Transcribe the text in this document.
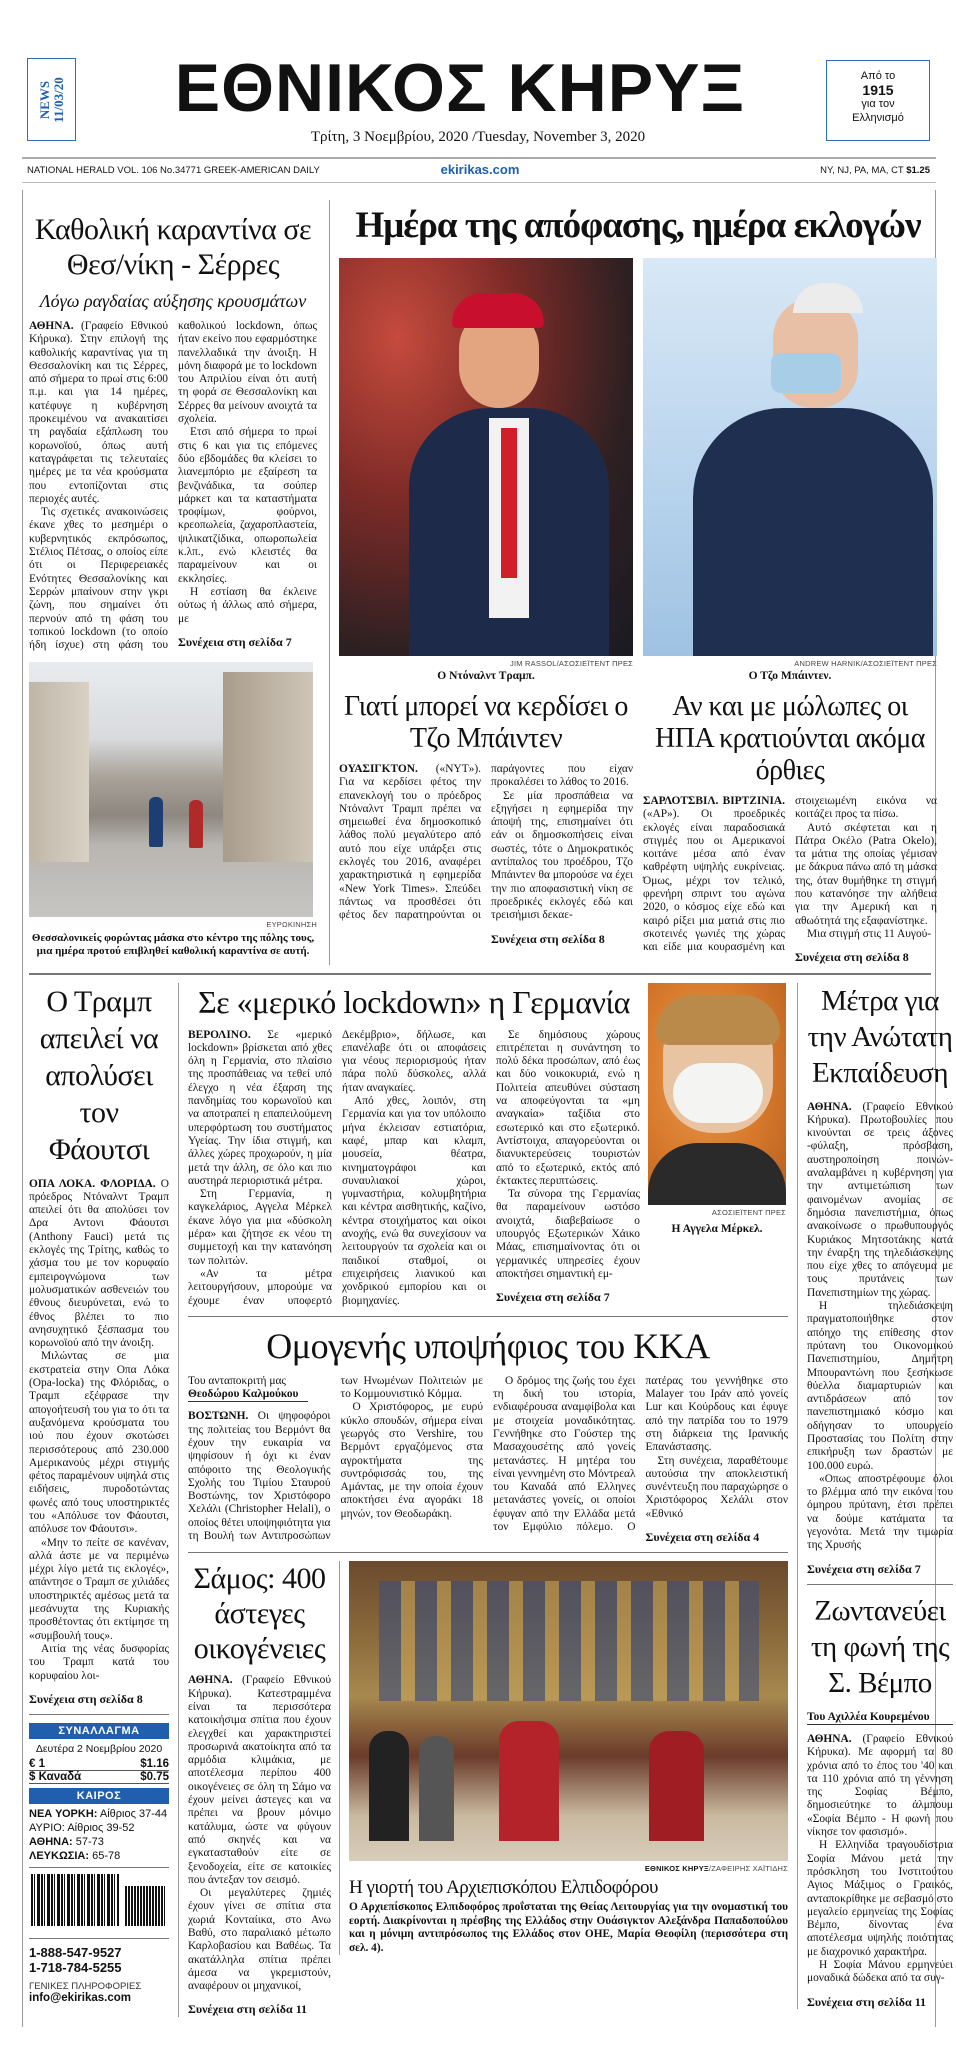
NEWS 11/03/20	ΕΘΝΙΚΟΣ ΚΗΡΥΞ
Τρίτη, 3 Νοεμβρίου, 2020 /Tuesday, November 3, 2020
Από το
1915
για τον
Ελληνισμό
NATIONAL HERALD VOL. 106 No.34771 GREEK-AMERICAN DAILY	ekirikas.com	NY, NJ, PA, MA, CT $1.25
Καθολική καραντίνα σε Θεσ/νίκη - Σέρρες
Λόγω ραγδαίας αύξησης κρουσμάτων

ΑΘΗΝΑ. (Γραφείο Εθνικού Κήρυκα). Στην επιλογή της καθολικής καραντίνας για τη Θεσσαλονίκη και τις Σέρρες, από σήμερα το πρωί στις 6:00 π.μ. και για 14 ημέρες, κατέφυγε η κυβέρνηση προκειμένου να ανακαιτίσει τη ραγδαία εξάπλωση του κορωνοϊού, όπως αυτή καταγράφεται τις τελευταίες ημέρες με τα νέα κρούσματα που εντοπίζονται στις περιοχές αυτές.

Τις σχετικές ανακοινώσεις έκανε χθες το μεσημέρι ο κυβερνητικός εκπρόσωπος, Στέλιος Πέτσας, ο οποίος είπε ότι οι Περιφερειακές Ενότητες Θεσσαλονίκης και Σερρών μπαίνουν στην γκρι ζώνη, που σημαίνει ότι περνούν από τη φάση του τοπικού lockdown (το οποίο ήδη ίσχυε) στη φάση του καθολικού lockdown, όπως ήταν εκείνο που εφαρμόστηκε πανελλαδικά την άνοιξη. Η μόνη διαφορά με το lockdown του Απριλίου είναι ότι αυτή τη φορά σε Θεσσαλονίκη και Σέρρες θα μείνουν ανοιχτά τα σχολεία.

Ετσι από σήμερα το πρωί στις 6 και για τις επόμενες δύο εβδομάδες θα κλείσει το λιανεμπόριο με εξαίρεση τα βενζινάδικα, τα σούπερ μάρκετ και τα καταστήματα τροφίμων, φούρνοι, κρεοπωλεία, ζαχαροπλαστεία, ψιλικατζίδικα, οπωροπωλεία κ.λπ., ενώ κλειστές θα παραμείνουν και οι εκκλησίες.

Η εστίαση θα έκλεινε ούτως ή άλλως από σήμερα, με

Συνέχεια στη σελίδα 7

ΕΥΡΩΚΙΝΗΣΗ
Θεσσαλονικείς φορώντας μάσκα στο κέντρο της πόλης τους, μια ημέρα προτού επιβληθεί καθολική καραντίνα σε αυτή.
Ημέρα της απόφασης, ημέρα εκλογών
JIM RASSOL/ΑΣΟΣΙΕΪΤΕΝΤ ΠΡΕΣ
Ο Ντόναλντ Τραμπ.
Γιατί μπορεί να κερδίσει ο Τζο Μπάιντεν

ΟΥΑΣΙΓΚΤΟΝ. («NYT»). Για να κερδίσει φέτος την επανεκλογή του ο πρόεδρος Ντόναλντ Τραμπ πρέπει να σημειωθεί ένα δημοσκοπικό λάθος πολύ μεγαλύτερο από αυτό που είχε υπάρξει στις εκλογές του 2016, αναφέρει χαρακτηριστικά η εφημερίδα «New York Times». Σπεύδει πάντως να προσθέσει ότι φέτος δεν παρατηρούνται οι παράγοντες που είχαν προκαλέσει το λάθος το 2016.

Σε μία προσπάθεια να εξηγήσει η εφημερίδα την άποψή της, επισημαίνει ότι εάν οι δημοσκοπήσεις είναι σωστές, τότε ο Δημοκρατικός αντίπαλος του προέδρου, Τζο Μπάιντεν θα μπορούσε να έχει την πιο αποφασιστική νίκη σε προεδρικές εκλογές εδώ και τρεισήμισι δεκαε-

Συνέχεια στη σελίδα 8

ANDREW HARNIK/ΑΣΟΣΙΕΪΤΕΝΤ ΠΡΕΣ
Ο Τζο Μπάιντεν.
Αν και με μώλωπες οι ΗΠΑ κρατιούνται ακόμα όρθιες

ΣΑΡΛΟΤΣΒΙΛ. ΒΙΡΤΖΙΝΙΑ. («AP»). Οι προεδρικές εκλογές είναι παραδοσιακά στιγμές που οι Αμερικανοί κοιτάνε μέσα από έναν καθρέφτη υψηλής ευκρίνειας. Όμως, μέχρι τον τελικό, φρενήρη σπριντ του αγώνα 2020, ο κόσμος είχε εδώ και καιρό ρίξει μια ματιά στις πιο σκοτεινές γωνιές της χώρας και είδε μια κουρασμένη και στοιχειωμένη εικόνα να κοιτάζει προς τα πίσω.

Αυτό σκέφτεται και η Πάτρα Οκέλο (Patra Okelo), τα μάτια της οποίας γέμισαν με δάκρυα πάνω από τη μάσκα της, όταν θυμήθηκε τη στιγμή που κατανόησε την αλήθεια για την Αμερική και η αθωότητά της εξαφανίστηκε.

Μια στιγμή στις 11 Αυγού-

Συνέχεια στη σελίδα 8

Ο Τραμπ απειλεί να απολύσει τον Φάουτσι

ΟΠΑ ΛΟΚΑ. ΦΛΟΡΙΔΑ. Ο πρόεδρος Ντόναλντ Τραμπ απειλεί ότι θα απολύσει τον Δρα Αντονι Φάουτσι (Anthony Fauci) μετά τις εκλογές της Τρίτης, καθώς το χάσμα του με τον κορυφαίο εμπειρογνώμονα των μολυσματικών ασθενειών του έθνους διευρύνεται, ενώ το έθνος βλέπει το πιο ανησυχητικό ξέσπασμα του κορωνοϊού από την άνοιξη.

Μιλώντας σε μια εκστρατεία στην Οπα Λόκα (Opa-locka) της Φλόριδας, ο Τραμπ εξέφρασε την απογοήτευσή του για το ότι τα αυξανόμενα κρούσματα του ιού που έχουν σκοτώσει περισσότερους από 230.000 Αμερικανούς μέχρι στιγμής φέτος παραμένουν υψηλά στις ειδήσεις, πυροδοτώντας φωνές από τους υποστηρικτές του «Απόλυσε τον Φάουτσι, απόλυσε τον Φάουτσι».

«Μην το πείτε σε κανέναν, αλλά άστε με να περιμένω μέχρι λίγο μετά τις εκλογές», απάντησε ο Τραμπ σε χιλιάδες υποστηρικτές αμέσως μετά τα μεσάνυχτα της Κυριακής προσθέτοντας ότι εκτίμησε τη «συμβουλή τους».

Αιτία της νέας δυσφορίας του Τραμπ κατά του κορυφαίου λοι-

Συνέχεια στη σελίδα 8

ΣΥΝΑΛΛΑΓΜΑ
Δευτέρα 2 Νοεμβρίου 2020
€ 1	$1.16
$ Καναδά	$0.75
ΚΑΙΡΟΣ
ΝΕΑ ΥΟΡΚΗ: Αίθριος 37-44
ΑΥΡΙΟ: Αίθριος 39-52
ΑΘΗΝΑ: 57-73
ΛΕΥΚΩΣΙΑ: 65-78
1-888-547-9527
1-718-784-5255
ΓΕΝΙΚΕΣ ΠΛΗΡΟΦΟΡΙΕΣ
info@ekirikas.com
Σε «μερικό lockdown» η Γερμανία

ΒΕΡΟΛΙΝΟ. Σε «μερικό lockdown» βρίσκεται από χθες όλη η Γερμανία, στο πλαίσιο της προσπάθειας να τεθεί υπό έλεγχο η νέα έξαρση της πανδημίας του κορωνοϊού και να αποτραπεί η επαπειλούμενη υπερφόρτωση του συστήματος Υγείας. Την ίδια στιγμή, και άλλες χώρες προχωρούν, η μία μετά την άλλη, σε όλο και πιο αυστηρά περιοριστικά μέτρα.

Στη Γερμανία, η καγκελάριος, Αγγελα Μέρκελ έκανε λόγο για μια «δύσκολη μέρα» και ζήτησε εκ νέου τη συμμετοχή και την κατανόηση των πολιτών.

«Αν τα μέτρα λειτουργήσουν, μπορούμε να έχουμε έναν υποφερτό Δεκέμβριο», δήλωσε, και επανέλαβε ότι οι αποφάσεις για νέους περιορισμούς ήταν πάρα πολύ δύσκολες, αλλά ήταν αναγκαίες.

Από χθες, λοιπόν, στη Γερμανία και για τον υπόλοιπο μήνα έκλεισαν εστιατόρια, καφέ, μπαρ και κλαμπ, μουσεία, θέατρα, κινηματογράφοι και συναυλιακοί χώροι, γυμναστήρια, κολυμβητήρια και κέντρα αισθητικής, καζίνο, κέντρα στοιχήματος και οίκοι ανοχής, ενώ θα συνεχίσουν να λειτουργούν τα σχολεία και οι παιδικοί σταθμοί, οι επιχειρήσεις λιανικού και χονδρικού εμπορίου και οι βιομηχανίες.

Σε δημόσιους χώρους επιτρέπεται η συνάντηση το πολύ δέκα προσώπων, από έως και δύο νοικοκυριά, ενώ η Πολιτεία απευθύνει σύσταση να αποφεύγονται τα «μη αναγκαία» ταξίδια στο εσωτερικό και στο εξωτερικό. Αντίστοιχα, απαγορεύονται οι διανυκτερεύσεις τουριστών από το εξωτερικό, εκτός από έκτακτες περιπτώσεις.

Τα σύνορα της Γερμανίας θα παραμείνουν ωστόσο ανοιχτά, διαβεβαίωσε ο υπουργός Εξωτερικών Χάικο Μάας, επισημαίνοντας ότι οι γερμανικές υπηρεσίες έχουν αποκτήσει σημαντική εμ-

Συνέχεια στη σελίδα 7

ΑΣΟΣΙΕΪΤΕΝΤ ΠΡΕΣ
Η Αγγελα Μέρκελ.
Ομογενής υποψήφιος του ΚΚΑ
Του ανταποκριτή μας
Θεοδώρου Καλμούκου

ΒΟΣΤΩΝΗ. Οι ψηφοφόροι της πολιτείας του Βερμόντ θα έχουν την ευκαιρία να ψηφίσουν ή όχι κι έναν απόφοιτο της Θεολογικής Σχολής του Τιμίου Σταυρού Βοστώνης, τον Χριστόφορο Χελάλι (Christopher Helali), ο οποίος θέτει υποψηφιότητα για τη Βουλή των Αντιπροσώπων των Ηνωμένων Πολιτειών με το Κομμουνιστικό Κόμμα.

Ο Χριστόφορος, με ευρύ κύκλο σπουδών, σήμερα είναι γεωργός στο Vershire, του Βερμόντ εργαζόμενος στα αγροκτήματα της συντρόφισσάς του, της Αμάντας, με την οποία έχουν αποκτήσει ένα αγοράκι 18 μηνών, τον Θεοδωράκη.

Ο δρόμος της ζωής του έχει τη δική του ιστορία, ενδιαφέρουσα αναμφίβολα και με στοιχεία μοναδικότητας. Γεννήθηκε στο Γούστερ της Μασαχουσέτης από γονείς μετανάστες. Η μητέρα του είναι γεννημένη στο Μόντρεαλ του Καναδά από Ελληνες μετανάστες γονείς, οι οποίοι έφυγαν από την Ελλάδα μετά τον Εμφύλιο πόλεμο. Ο πατέρας του γεννήθηκε στο Malayer του Ιράν από γονείς Lur και Κούρδους και έφυγε από την πατρίδα του το 1979 στη διάρκεια της Ιρανικής Επανάστασης.

Στη συνέχεια, παραθέτουμε αυτούσια την αποκλειστική συνέντευξη που παραχώρησε ο Χριστόφορος Χελάλι στον «Εθνικό

Συνέχεια στη σελίδα 4

Σάμος: 400 άστεγες οικογένειες

ΑΘΗΝΑ. (Γραφείο Εθνικού Κήρυκα). Κατεστραμμένα είναι τα περισσότερα κατοικήσιμα σπίτια που έχουν ελεγχθεί και χαρακτηριστεί προσωρινά ακατοίκητα από τα αρμόδια κλιμάκια, με αποτέλεσμα περίπου 400 οικογένειες σε όλη τη Σάμο να έχουν μείνει άστεγες και να πρέπει να βρουν μόνιμο κατάλυμα, ώστε να φύγουν από σκηνές και να εγκατασταθούν είτε σε ξενοδοχεία, είτε σε κατοικίες που άντεξαν τον σεισμό.

Οι μεγαλύτερες ζημιές έχουν γίνει σε σπίτια στα χωριά Κονταίικα, στο Ανω Βαθύ, στο παραλιακό μέτωπο Καρλοβασίου και Βαθέως. Τα ακατάλληλα σπίτια πρέπει άμεσα να γκρεμιστούν, αναφέρουν οι μηχανικοί,

Συνέχεια στη σελίδα 11

ΕΘΝΙΚΟΣ ΚΗΡΥΞ/ΖΑΦΕΙΡΗΣ ΧΑΪΤΙΔΗΣ
Η γιορτή του Αρχιεπισκόπου Ελπιδοφόρου
Ο Αρχιεπίσκοπος Ελπιδοφόρος προΐσταται της Θείας Λειτουργίας για την ονομαστική του εορτή. Διακρίνονται η πρέσβης της Ελλάδος στην Ουάσιγκτον Αλεξάνδρα Παπαδοπούλου και η μόνιμη αντιπρόσωπος της Ελλάδος στον ΟΗΕ, Μαρία Θεοφίλη (περισσότερα στη σελ. 4).
Μέτρα για την Ανώτατη Εκπαίδευση

ΑΘΗΝΑ. (Γραφείο Εθνικού Κήρυκα). Πρωτοβουλίες που κινούνται σε τρεις άξονες -φύλαξη, πρόσβαση, αυστηροποίηση ποινών- αναλαμβάνει η κυβέρνηση για την αντιμετώπιση των φαινομένων ανομίας σε δημόσια πανεπιστήμια, όπως ανακοίνωσε ο πρωθυπουργός Κυριάκος Μητσοτάκης κατά την έναρξη της τηλεδιάσκεψης που είχε χθες το απόγευμα με τους πρυτάνεις των Πανεπιστημίων της χώρας.

Η τηλεδιάσκεψη πραγματοποιήθηκε στον απόηχο της επίθεσης στον πρύτανη του Οικονομικού Πανεπιστημίου, Δημήτρη Μπουραντώνη που ξεσήκωσε θύελλα διαμαρτυριών και αντιδράσεων από τον πανεπιστημιακό κόσμο και οδήγησαν το υπουργείο Προστασίας του Πολίτη στην επικήρυξη των δραστών με 100.000 ευρώ.

«Οπως αποστρέφουμε όλοι το βλέμμα από την εικόνα του όμηρου πρύτανη, έτσι πρέπει να δούμε κατάματα τα γεγονότα. Μετά την τιμωρία της Χρυσής

Συνέχεια στη σελίδα 7

Ζωντανεύει τη φωνή της Σ. Βέμπο
Του Αχιλλέα Κουρεμένου

ΑΘΗΝΑ. (Γραφείο Εθνικού Κήρυκα). Με αφορμή τα 80 χρόνια από το έπος του '40 και τα 110 χρόνια από τη γέννηση της Σοφίας Βέμπο, δημοσιεύτηκε το άλμπουμ «Σοφία Βέμπο - Η φωνή που νίκησε τον φασισμό».

Η Ελληνίδα τραγουδίστρια Σοφία Μάνου μετά την πρόσκληση του Ινστιτούτου Αγιος Μάξιμος ο Γραικός, ανταποκρίθηκε με σεβασμό στο μεγαλείο ερμηνείας της Σοφίας Βέμπο, δίνοντας ένα αποτέλεσμα υψηλής ποιότητας με διαχρονικό χαρακτήρα.

Η Σοφία Μάνου ερμηνεύει μοναδικά δώδεκα από τα συγ-

Συνέχεια στη σελίδα 11
